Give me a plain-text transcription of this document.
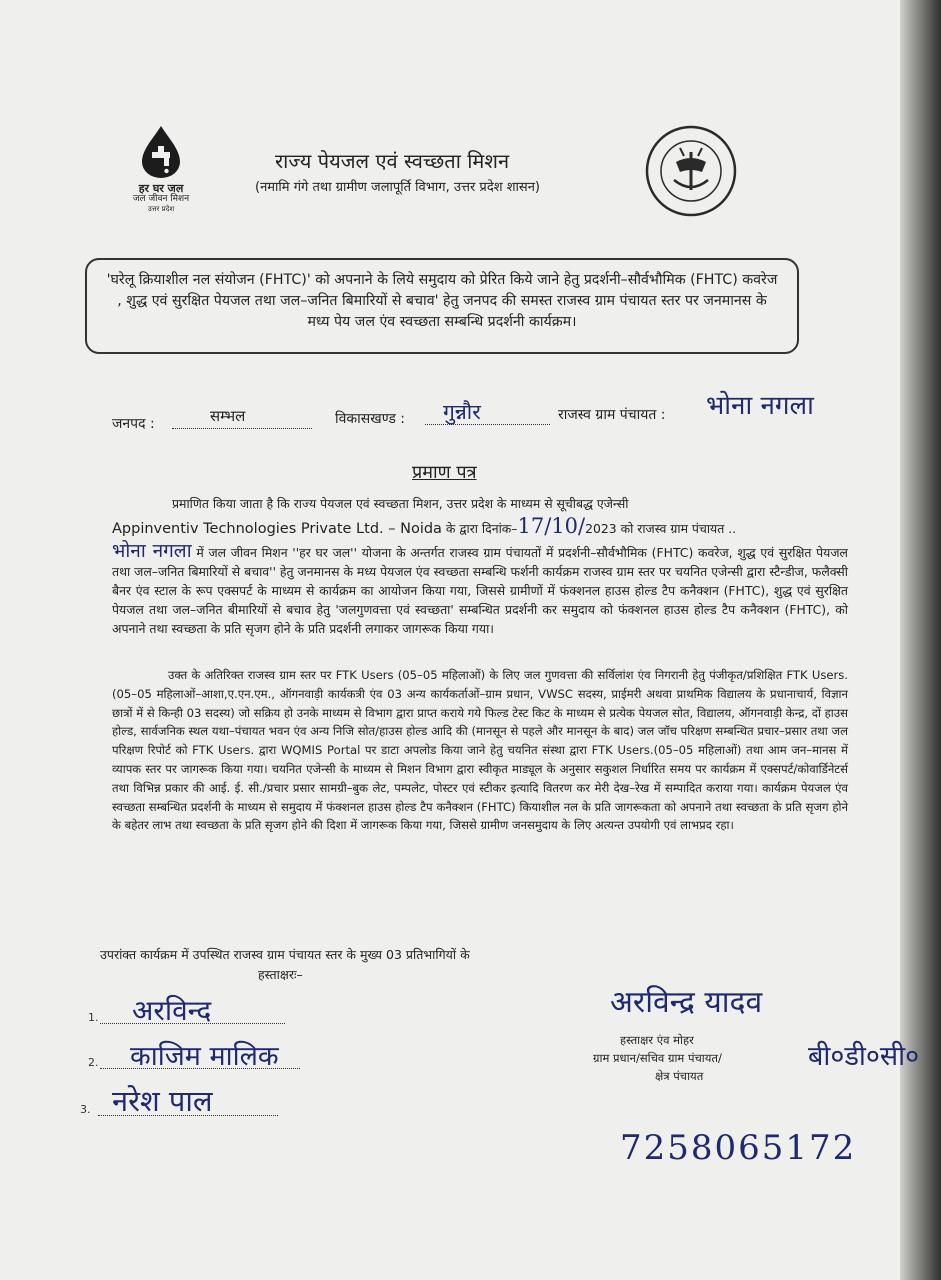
हर घर जल
जल जीवन मिशन
उत्तर प्रदेश
राज्य पेयजल एवं स्वच्छता मिशन
(नमामि गंगे तथा ग्रामीण जलापूर्ति विभाग, उत्तर प्रदेश शासन)
'घरेलू क्रियाशील नल संयोजन (FHTC)' को अपनाने के लिये समुदाय को प्रेरित किये जाने हेतु प्रदर्शनी–सौर्वभौमिक (FHTC) कवरेज , शुद्ध एवं सुरक्षित पेयजल तथा जल–जनित बिमारियों से बचाव' हेतु जनपद की समस्त राजस्व ग्राम पंचायत स्तर पर जनमानस के मध्य पेय जल एंव स्वच्छता सम्बन्धि प्रदर्शनी कार्यक्रम।
जनपद :	सम्भल	विकासखण्ड : गुन्नौर	राजस्व ग्राम पंचायत : भोना नगला
प्रमाण पत्र
प्रमाणित किया जाता है कि राज्य पेयजल एवं स्वच्छता मिशन, उत्तर प्रदेश के माध्यम से सूचीबद्ध एजेन्सी
Appinventiv Technologies Private Ltd. – Noida के द्वारा दिनांक–17/10/2023 को राजस्व ग्राम पंचायत ..
भोना नगला में जल जीवन मिशन ''हर घर जल'' योजना के अन्तर्गत राजस्व ग्राम पंचायतों में प्रदर्शनी–सौर्वभौमिक (FHTC) कवरेज, शुद्ध एवं सुरक्षित पेयजल तथा जल–जनित बिमारियों से बचाव'' हेतु जनमानस के मध्य पेयजल एंव स्वच्छता सम्बन्धि फर्शनी कार्यक्रम राजस्व ग्राम स्तर पर चयनित एजेन्सी द्वारा स्टैन्डीज, फलैक्सी बैनर एंव स्टाल के रूप एक्सपर्ट के माध्यम से कार्यक्रम का आयोजन किया गया, जिससे ग्रामीणों में फंक्शनल हाउस होल्ड टैप कनैक्शन (FHTC), शुद्ध एवं सुरक्षित पेयजल तथा जल–जनित बीमारियों से बचाव हेतु 'जलगुणवत्ता एवं स्वच्छता' सम्बन्धित प्रदर्शनी कर समुदाय को फंक्शनल हाउस होल्ड टैप कनैक्शन (FHTC), को अपनाने तथा स्वच्छता के प्रति सृजग होने के प्रति प्रदर्शनी लगाकर जागरूक किया गया।
उक्त के अतिरिक्त राजस्व ग्राम स्तर पर FTK Users (05–05 महिलाओं) के लिए जल गुणवत्ता की सर्विलांश एंव निगरानी हेतु पंजीकृत/प्रशिक्षित FTK Users.(05–05 महिलाओं–आशा,ए.एन.एम., ऑगनवाड़ी कार्यकत्री एंव 03 अन्य कार्यकर्ताओं–ग्राम प्रधान, VWSC सदस्य, प्राईमरी अथवा प्राथमिक विद्यालय के प्रधानाचार्य, विज्ञान छात्रों में से किन्ही 03 सदस्य) जो सक्रिय हो उनके माध्यम से विभाग द्वारा प्राप्त कराये गये फिल्ड टेस्ट किट के माध्यम से प्रत्येक पेयजल सोत, विद्यालय, ऑगनवाड़ी केन्द्र, दों हाउस होल्ड, सार्वजनिक स्थल यथा–पंचायत भवन एंव अन्य निजि सोत/हाउस होल्ड आदि की (मानसून से पहले और मानसून के बाद) जल जॉच परिक्षण सम्बन्धित प्रचार–प्रसार तथा जल परिक्षण रिपोर्ट को FTK Users. द्वारा WQMIS Portal पर डाटा अपलोड किया जाने हेतु चयनित संस्था द्वारा FTK Users.(05–05 महिलाओं) तथा आम जन–मानस में व्यापक स्तर पर जागरूक किया गया। चयनित एजेन्सी के माध्यम से मिशन विभाग द्वारा स्वीकृत माड्यूल के अनुसार सकुशल निर्धारित समय पर कार्यक्रम में एक्सपर्ट/कोवार्डिनेटर्स तथा विभिन्न प्रकार की आई. ई. सी./प्रचार प्रसार सामग्री–बुक लेट, पम्पलेट, पोस्टर एवं स्टीकर इत्यादि वितरण कर मेरी देख–रेख में सम्पादित कराया गया। कार्यक्रम पेयजल एंव स्वच्छता सम्बन्धित प्रदर्शनी के माध्यम से समुदाय में फंक्शनल हाउस होल्ड टैप कनैक्शन (FHTC) कियाशील नल के प्रति जागरूकता को अपनाने तथा स्वच्छता के प्रति सृजग होने के बहेतर लाभ तथा स्वच्छता के प्रति सृजग होने की दिशा में जागरूक किया गया, जिससे ग्रामीण जनसमुदाय के लिए अत्यन्त उपयोगी एवं लाभप्रद रहा।
उपरांक्त कार्यक्रम में उपस्थित राजस्व ग्राम पंचायत स्तर के मुख्य 03 प्रतिभागियों के
हस्ताक्षरः–
1. अरविन्द
2. काजिम मालिक
3. नरेश पाल
अरविन्द्र यादव
हस्ताक्षर एंव मोहर
ग्राम प्रधान/सचिव ग्राम पंचायत/
क्षेत्र पंचायत
बी०डी०सी०
7258065172
